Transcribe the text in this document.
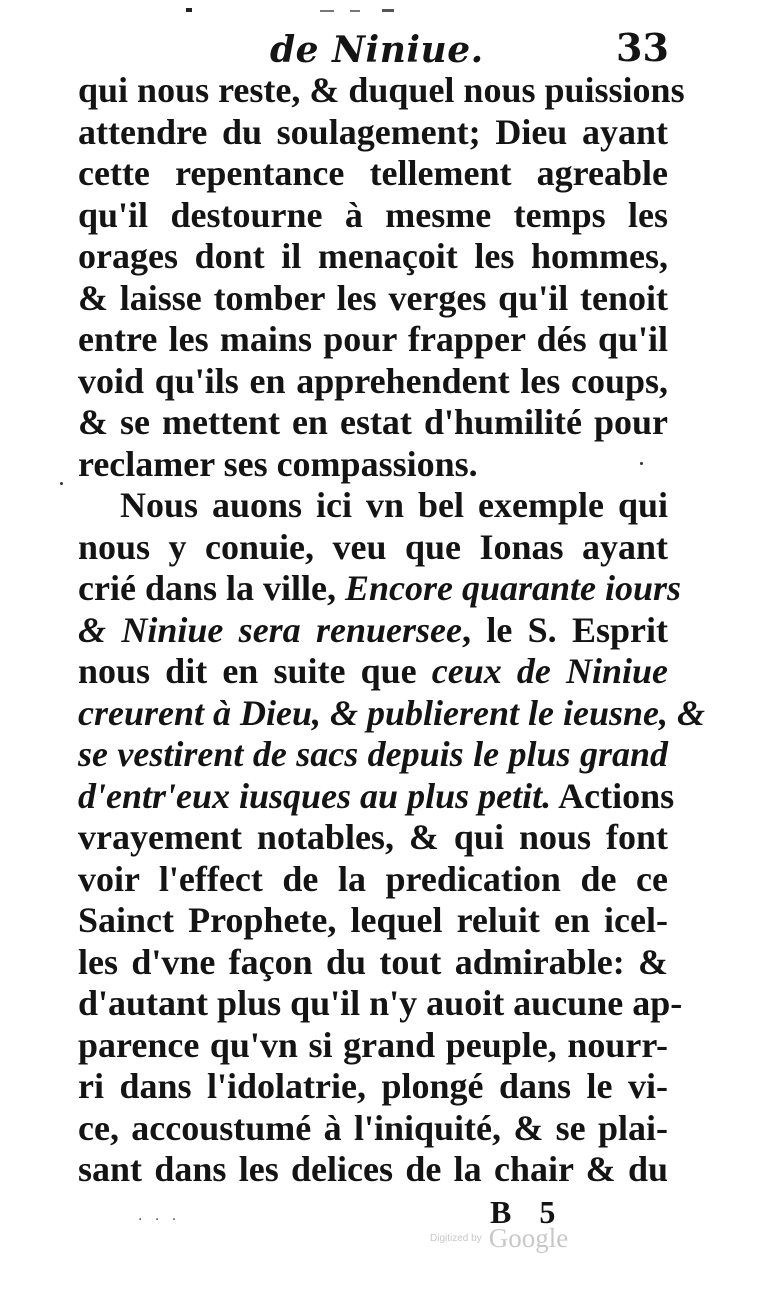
de Niniue.	33
qui nous reste, & duquel nous puissions
attendre du soulagement; Dieu ayant
cette repentance tellement agreable
qu'il destourne à mesme temps les
orages dont il menaçoit les hommes,
& laisse tomber les verges qu'il tenoit
entre les mains pour frapper dés qu'il
void qu'ils en apprehendent les coups,
& se mettent en estat d'humilité pour
reclamer ses compassions.
Nous auons ici vn bel exemple qui
nous y conuie, veu que Ionas ayant
crié dans la ville, Encore quarante iours
& Niniue sera renuersee, le S. Esprit
nous dit en suite que ceux de Niniue
creurent à Dieu, & publierent le ieusne, &
se vestirent de sacs depuis le plus grand
d'entr'eux iusques au plus petit. Actions
vrayement notables, & qui nous font
voir l'effect de la predication de ce
Sainct Prophete, lequel reluit en icel-
les d'vne façon du tout admirable: &
d'autant plus qu'il n'y auoit aucune ap-
parence qu'vn si grand peuple, nourr-
ri dans l'idolatrie, plongé dans le vi-
ce, accoustumé à l'iniquité, & se plai-
sant dans les delices de la chair & du
· · ·	B 5
Digitized by Google
